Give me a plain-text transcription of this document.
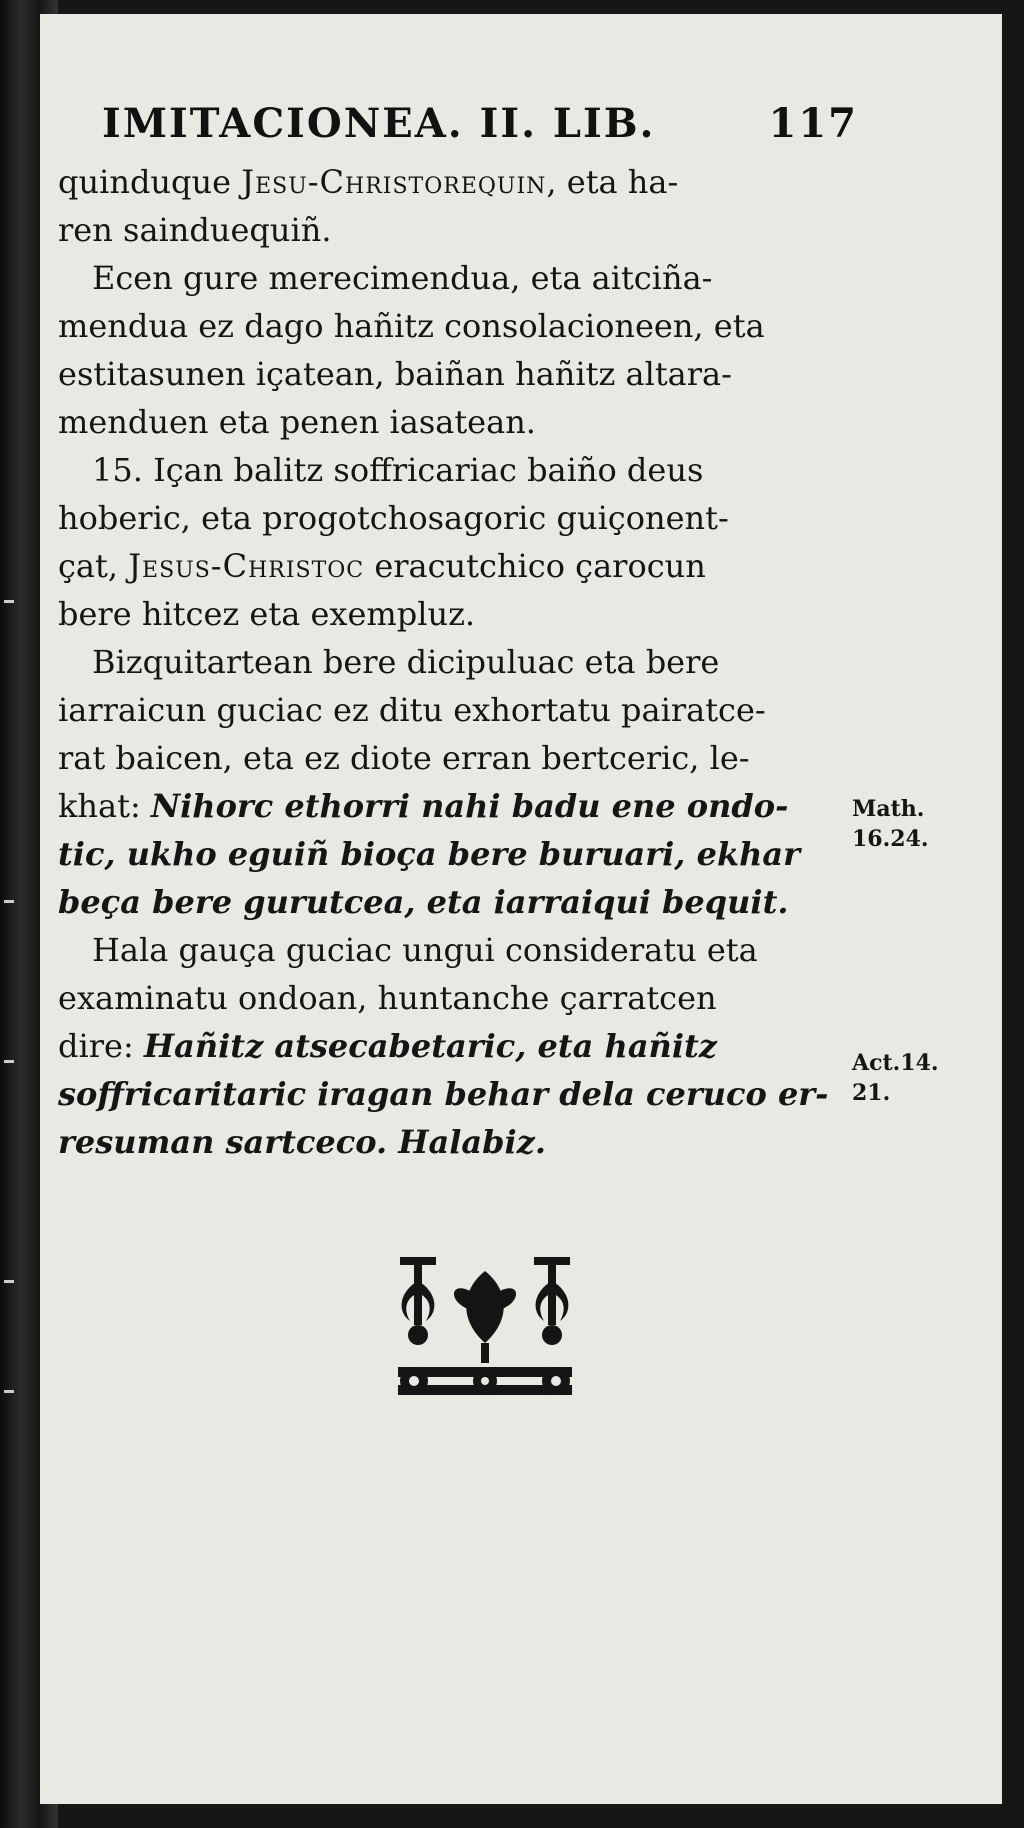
IMITACIONEA. II. LIB.	117
quinduque Jesu-Christorequin, eta ha-
ren sainduequiñ.
Ecen gure merecimendua, eta aitciña-
mendua ez dago hañitz consolacioneen, eta
estitasunen içatean, baiñan hañitz altara-
menduen eta penen iasatean.
15. Içan balitz soffricariac baiño deus
hoberic, eta progotchosagoric guiçonent-
çat, Jesus-Christoc eracutchico çarocun
bere hitcez eta exempluz.
Bizquitartean bere dicipuluac eta bere
iarraicun guciac ez ditu exhortatu pairatce-
rat baicen, eta ez diote erran bertceric, le-
khat: Nihorc ethorri nahi badu ene ondo-
tic, ukho eguiñ bioça bere buruari, ekhar
beça bere gurutcea, eta iarraiqui bequit.
Hala gauça guciac ungui consideratu eta
examinatu ondoan, huntanche çarratcen
dire: Hañitz atsecabetaric, eta hañitz
soffricaritaric iragan behar dela ceruco er-
resuman sartceco. Halabiz.
Math.
16.24.
Act.14.
21.
